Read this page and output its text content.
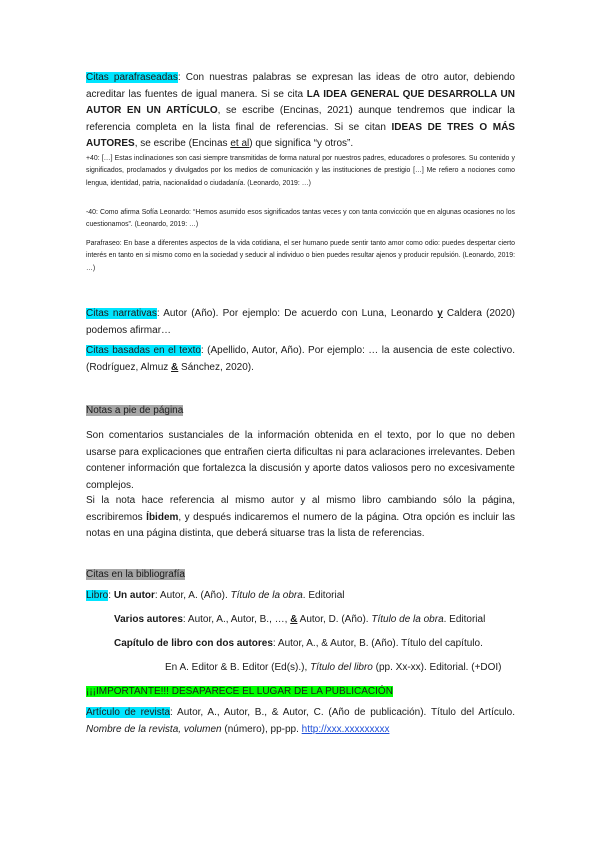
Citas parafraseadas: Con nuestras palabras se expresan las ideas de otro autor, debiendo acreditar las fuentes de igual manera. Si se cita LA IDEA GENERAL QUE DESARROLLA UN AUTOR EN UN ARTÍCULO, se escribe (Encinas, 2021) aunque tendremos que indicar la referencia completa en la lista final de referencias. Si se citan IDEAS DE TRES O MÁS AUTORES, se escribe (Encinas et al) que significa “y otros”.

+40: […] Estas inclinaciones son casi siempre transmitidas de forma natural por nuestros padres, educadores o profesores. Su contenido y significados, proclamados y divulgados por los medios de comunicación y las instituciones de prestigio […] Me refiero a nociones como lengua, identidad, patria, nacionalidad o ciudadanía. (Leonardo, 2019: …)

-40: Como afirma Sofía Leonardo: “Hemos asumido esos significados tantas veces y con tanta convicción que en algunas ocasiones no los cuestionamos”. (Leonardo, 2019: …)

Parafraseo: En base a diferentes aspectos de la vida cotidiana, el ser humano puede sentir tanto amor como odio: puedes despertar cierto interés en tanto en si mismo como en la sociedad y seducir al individuo o bien puedes resultar ajenos y producir repulsión. (Leonardo, 2019: …)

Citas narrativas: Autor (Año). Por ejemplo: De acuerdo con Luna, Leonardo y Caldera (2020) podemos afirmar…

Citas basadas en el texto: (Apellido, Autor, Año). Por ejemplo: … la ausencia de este colectivo. (Rodríguez, Almuz & Sánchez, 2020).

Notas a pie de página

Son comentarios sustanciales de la información obtenida en el texto, por lo que no deben usarse para explicaciones que entrañen cierta dificultas ni para aclaraciones irrelevantes. Deben contener información que fortalezca la discusión y aporte datos valiosos pero no excesivamente complejos.

Si la nota hace referencia al mismo autor y al mismo libro cambiando sólo la página, escribiremos Íbidem, y después indicaremos el numero de la página. Otra opción es incluir las notas en una página distinta, que deberá situarse tras la lista de referencias.

Citas en la bibliografía

Libro: Un autor: Autor, A. (Año). Título de la obra. Editorial

Varios autores: Autor, A., Autor, B., …, & Autor, D. (Año). Título de la obra. Editorial

Capítulo de libro con dos autores: Autor, A., & Autor, B. (Año). Título del capítulo.

En A. Editor & B. Editor (Ed(s).), Título del libro (pp. Xx-xx). Editorial. (+DOI)

¡¡¡IMPORTANTE!!! DESAPARECE EL LUGAR DE LA PUBLICACIÓN

Artículo de revista: Autor, A., Autor, B., & Autor, C. (Año de publicación). Título del Artículo. Nombre de la revista, volumen (número), pp-pp. http://xxx.xxxxxxxxx
